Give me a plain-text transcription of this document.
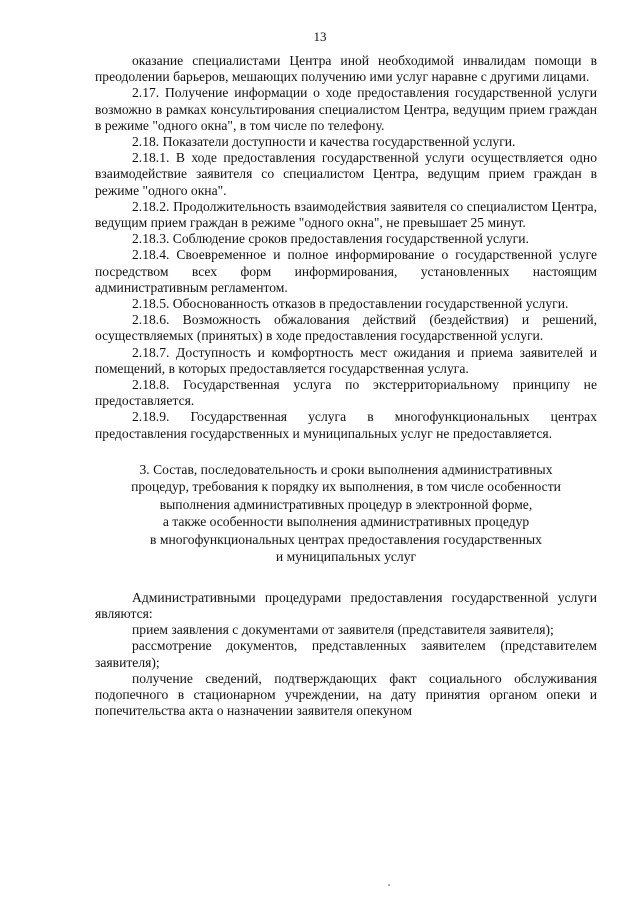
13

оказание специалистами Центра иной необходимой инвалидам помощи в преодолении барьеров, мешающих получению ими услуг наравне с другими лицами.

2.17. Получение информации о ходе предоставления государственной услуги возможно в рамках консультирования специалистом Центра, ведущим прием граждан в режиме "одного окна", в том числе по телефону.

2.18. Показатели доступности и качества государственной услуги.

2.18.1. В ходе предоставления государственной услуги осуществляется одно взаимодействие заявителя со специалистом Центра, ведущим прием граждан в режиме "одного окна".

2.18.2. Продолжительность взаимодействия заявителя со специалистом Центра, ведущим прием граждан в режиме "одного окна", не превышает 25 минут.

2.18.3. Соблюдение сроков предоставления государственной услуги.

2.18.4. Своевременное и полное информирование о государственной услуге посредством всех форм информирования, установленных настоящим административным регламентом.

2.18.5. Обоснованность отказов в предоставлении государственной услуги.

2.18.6. Возможность обжалования действий (бездействия) и решений, осуществляемых (принятых) в ходе предоставления государственной услуги.

2.18.7. Доступность и комфортность мест ожидания и приема заявителей и помещений, в которых предоставляется государственная услуга.

2.18.8. Государственная услуга по экстерриториальному принципу не предоставляется.

2.18.9. Государственная услуга в многофункциональных центрах предоставления государственных и муниципальных услуг не предоставляется.

3. Состав, последовательность и сроки выполнения административных
процедур, требования к порядку их выполнения, в том числе особенности
выполнения административных процедур в электронной форме,
а также особенности выполнения административных процедур
в многофункциональных центрах предоставления государственных
и муниципальных услуг

Административными процедурами предоставления государственной услуги являются:

прием заявления с документами от заявителя (представителя заявителя);

рассмотрение документов, представленных заявителем (представителем заявителя);

получение сведений, подтверждающих факт социального обслуживания подопечного в стационарном учреждении, на дату принятия органом опеки и попечительства акта о назначении заявителя опекуном
